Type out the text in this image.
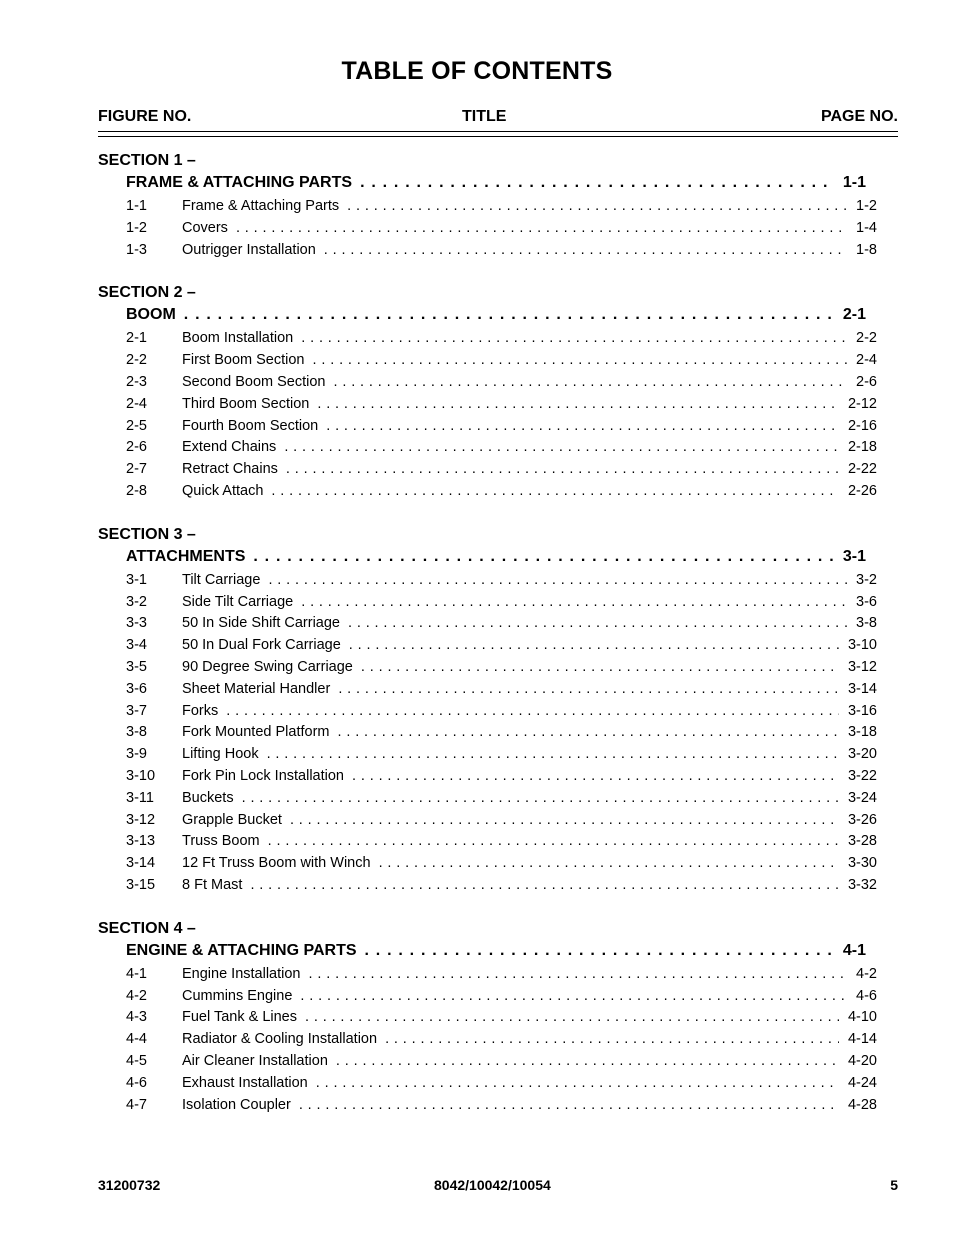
TABLE OF CONTENTS
FIGURE NO.	TITLE	PAGE NO.
SECTION 1 –
FRAME & ATTACHING PARTS . . .	1-1
1-1	Frame & Attaching Parts . . .	1-2
1-2	Covers . . .	1-4
1-3	Outrigger Installation . . .	1-8
SECTION 2 –
BOOM . . .	2-1
2-1	Boom Installation . . .	2-2
2-2	First Boom Section . . .	2-4
2-3	Second Boom Section . . .	2-6
2-4	Third Boom Section . . .	2-12
2-5	Fourth Boom Section . . .	2-16
2-6	Extend Chains . . .	2-18
2-7	Retract Chains . . .	2-22
2-8	Quick Attach . . .	2-26
SECTION 3 –
ATTACHMENTS . . .	3-1
3-1	Tilt Carriage . . .	3-2
3-2	Side Tilt Carriage . . .	3-6
3-3	50 In Side Shift Carriage . . .	3-8
3-4	50 In Dual Fork Carriage . . .	3-10
3-5	90 Degree Swing Carriage . . .	3-12
3-6	Sheet Material Handler . . .	3-14
3-7	Forks . . .	3-16
3-8	Fork Mounted Platform . . .	3-18
3-9	Lifting Hook . . .	3-20
3-10	Fork Pin Lock Installation . . .	3-22
3-11	Buckets . . .	3-24
3-12	Grapple Bucket . . .	3-26
3-13	Truss Boom . . .	3-28
3-14	12 Ft Truss Boom with Winch . . .	3-30
3-15	8 Ft Mast . . .	3-32
SECTION 4 –
ENGINE & ATTACHING PARTS . . .	4-1
4-1	Engine Installation . . .	4-2
4-2	Cummins Engine . . .	4-6
4-3	Fuel Tank & Lines . . .	4-10
4-4	Radiator & Cooling Installation . . .	4-14
4-5	Air Cleaner Installation . . .	4-20
4-6	Exhaust Installation . . .	4-24
4-7	Isolation Coupler . . .	4-28
31200732	8042/10042/10054	5
